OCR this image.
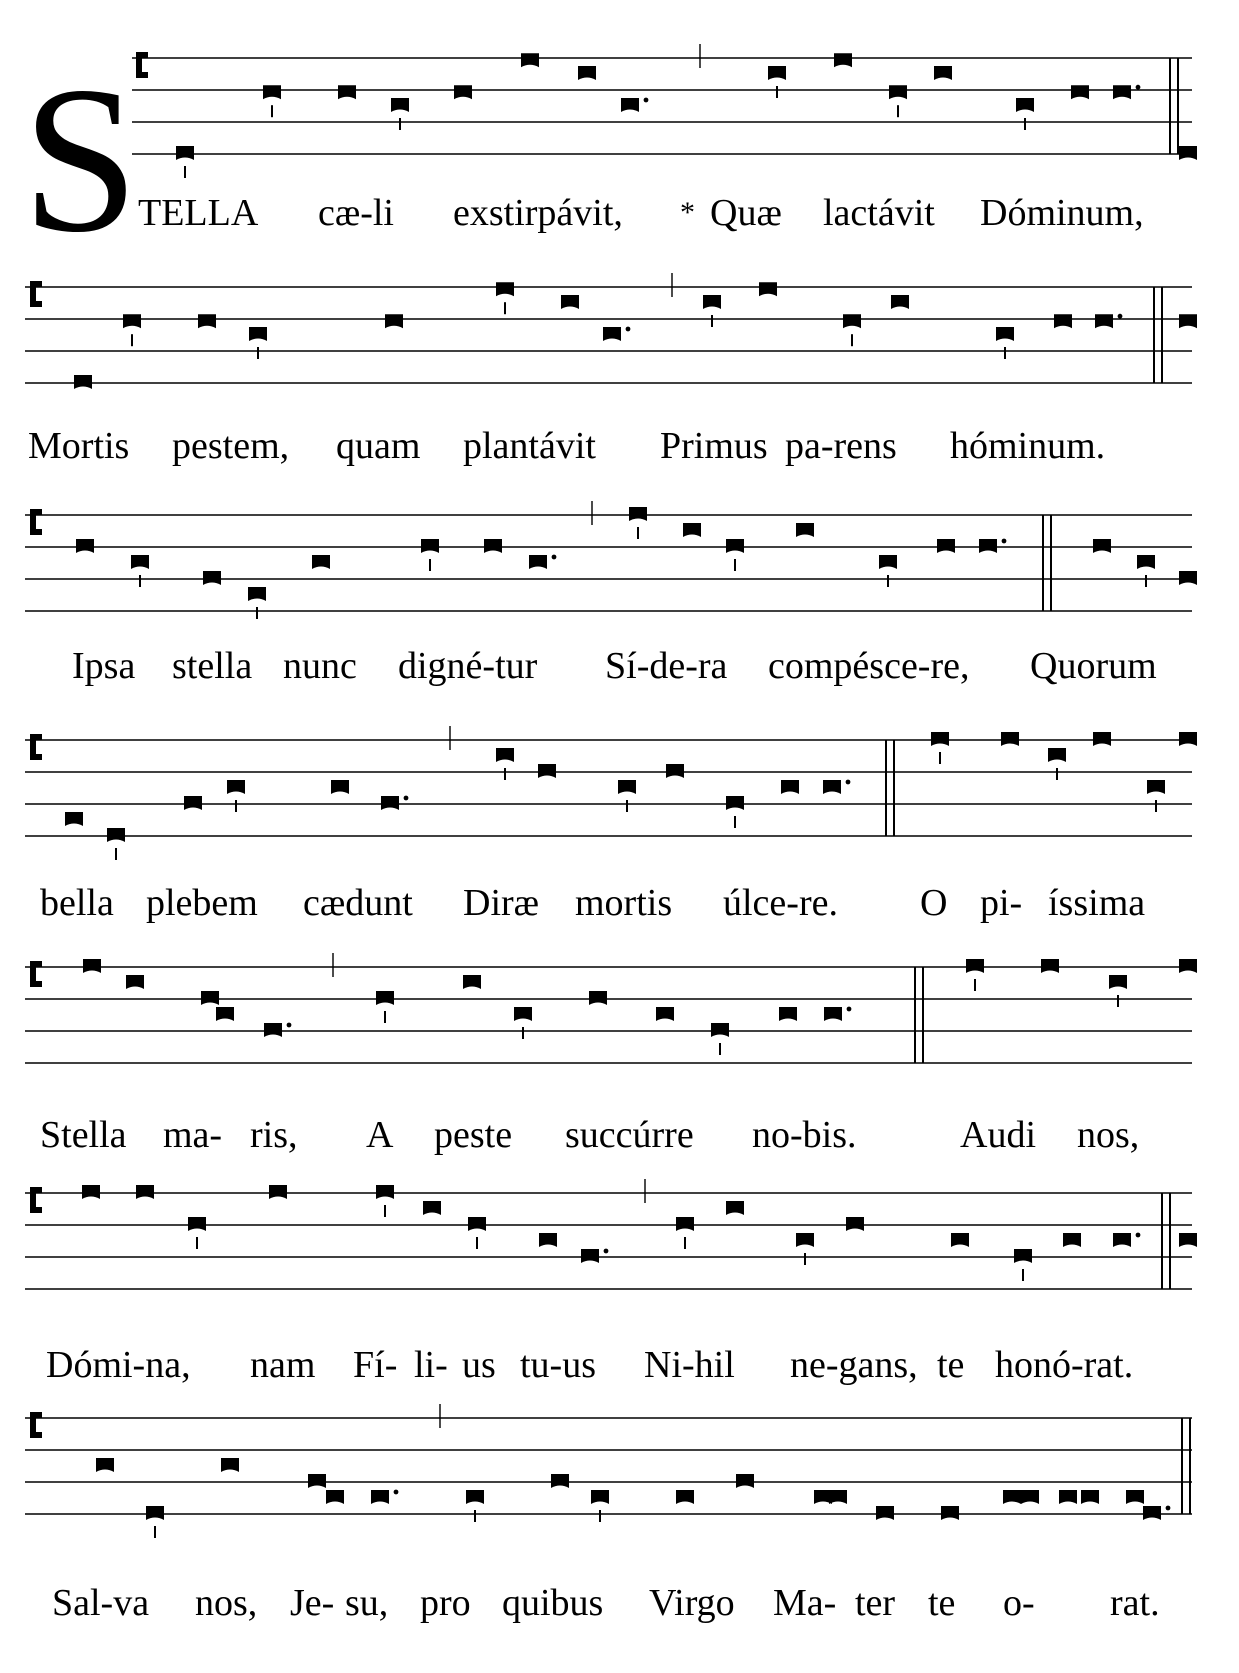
S TELLA cæ-li exstirpávit, * Quæ lactávit Dóminum,
Mortis pestem, quam plantávit Primus pa-rens hóminum.
Ipsa stella nunc digné-tur Sí-de-ra compésce-re, Quorum
bella plebem cædunt Diræ mortis úlce-re. O pi- íssima
Stella ma- ris, A peste succúrre no-bis.	Audi nos,
Dómi-na, nam Fí- li- us tu-us Ni-hil ne-gans, te honó-rat.
Sal-va nos, Je- su, pro quibus Virgo Ma- ter te o- rat.
